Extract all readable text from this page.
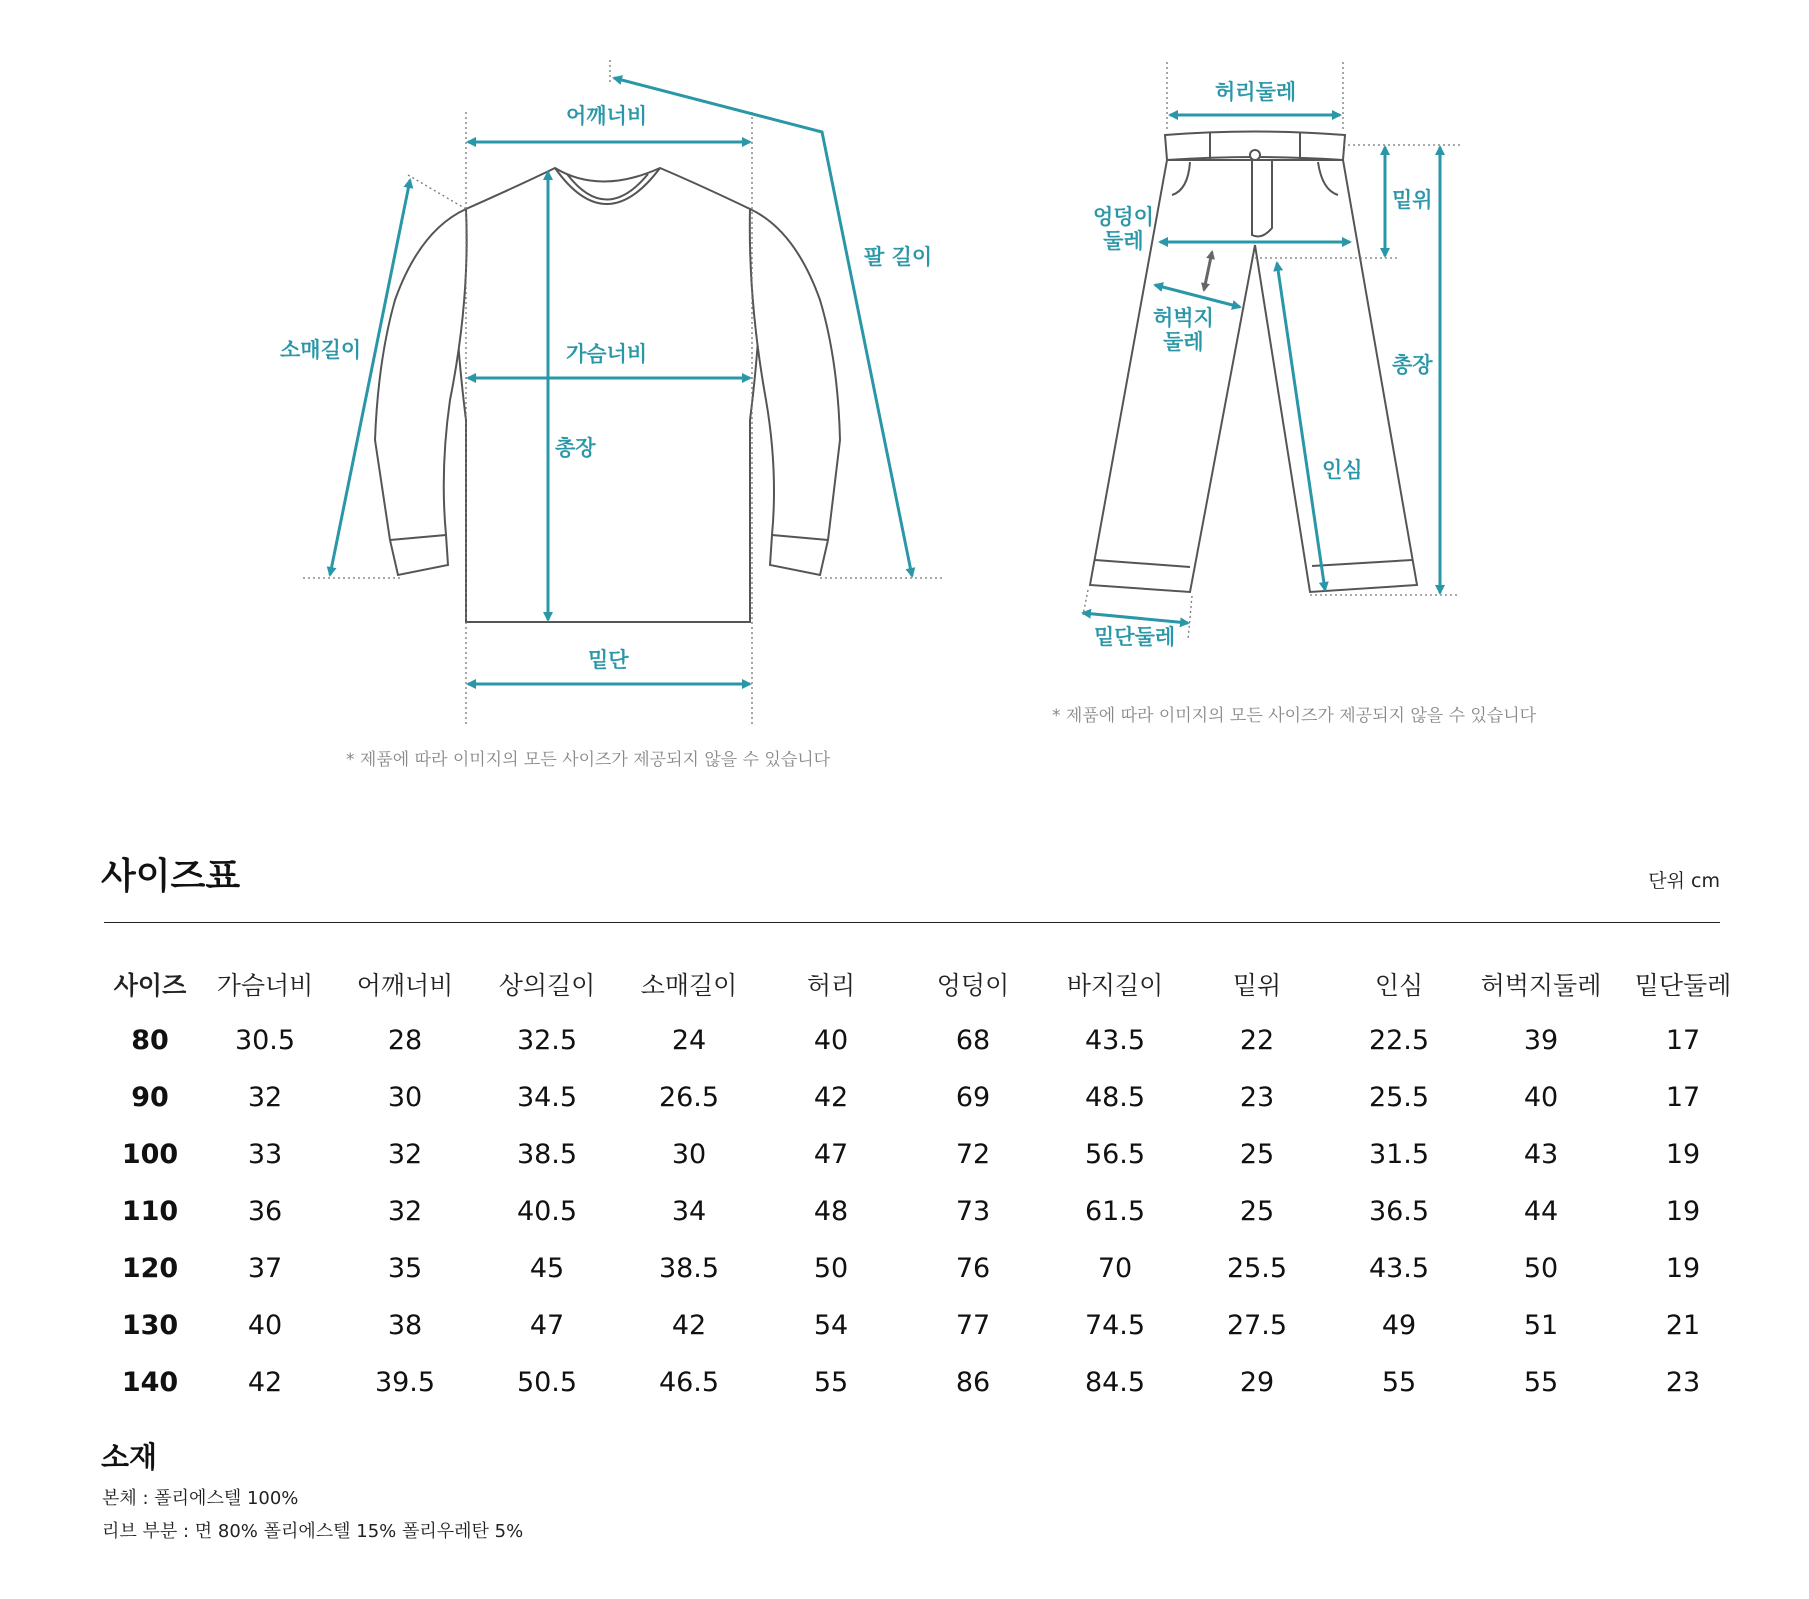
어깨너비
팔 길이
소매길이	가슴너비
총장
밑단
* 제품에 따라 이미지의 모든 사이즈가 제공되지 않을 수 있습니다
허리둘레
엉덩이
둘레
밑위
허벅지
둘레
총장
인심
밑단둘레
* 제품에 따라 이미지의 모든 사이즈가 제공되지 않을 수 있습니다
사이즈표	단위 cm
사이즈	가슴너비	어깨너비	상의길이	소매길이	허리	엉덩이	바지길이	밑위	인심	허벅지둘레	밑단둘레
80	30.5	28	32.5	24	40	68	43.5	22	22.5	39	17
90	32	30	34.5	26.5	42	69	48.5	23	25.5	40	17
100	33	32	38.5	30	47	72	56.5	25	31.5	43	19
110	36	32	40.5	34	48	73	61.5	25	36.5	44	19
120	37	35	45	38.5	50	76	70	25.5	43.5	50	19
130	40	38	47	42	54	77	74.5	27.5	49	51	21
140	42	39.5	50.5	46.5	55	86	84.5	29	55	55	23
소재
본체 : 폴리에스텔 100%
리브 부분 : 면 80% 폴리에스텔 15% 폴리우레탄 5%
